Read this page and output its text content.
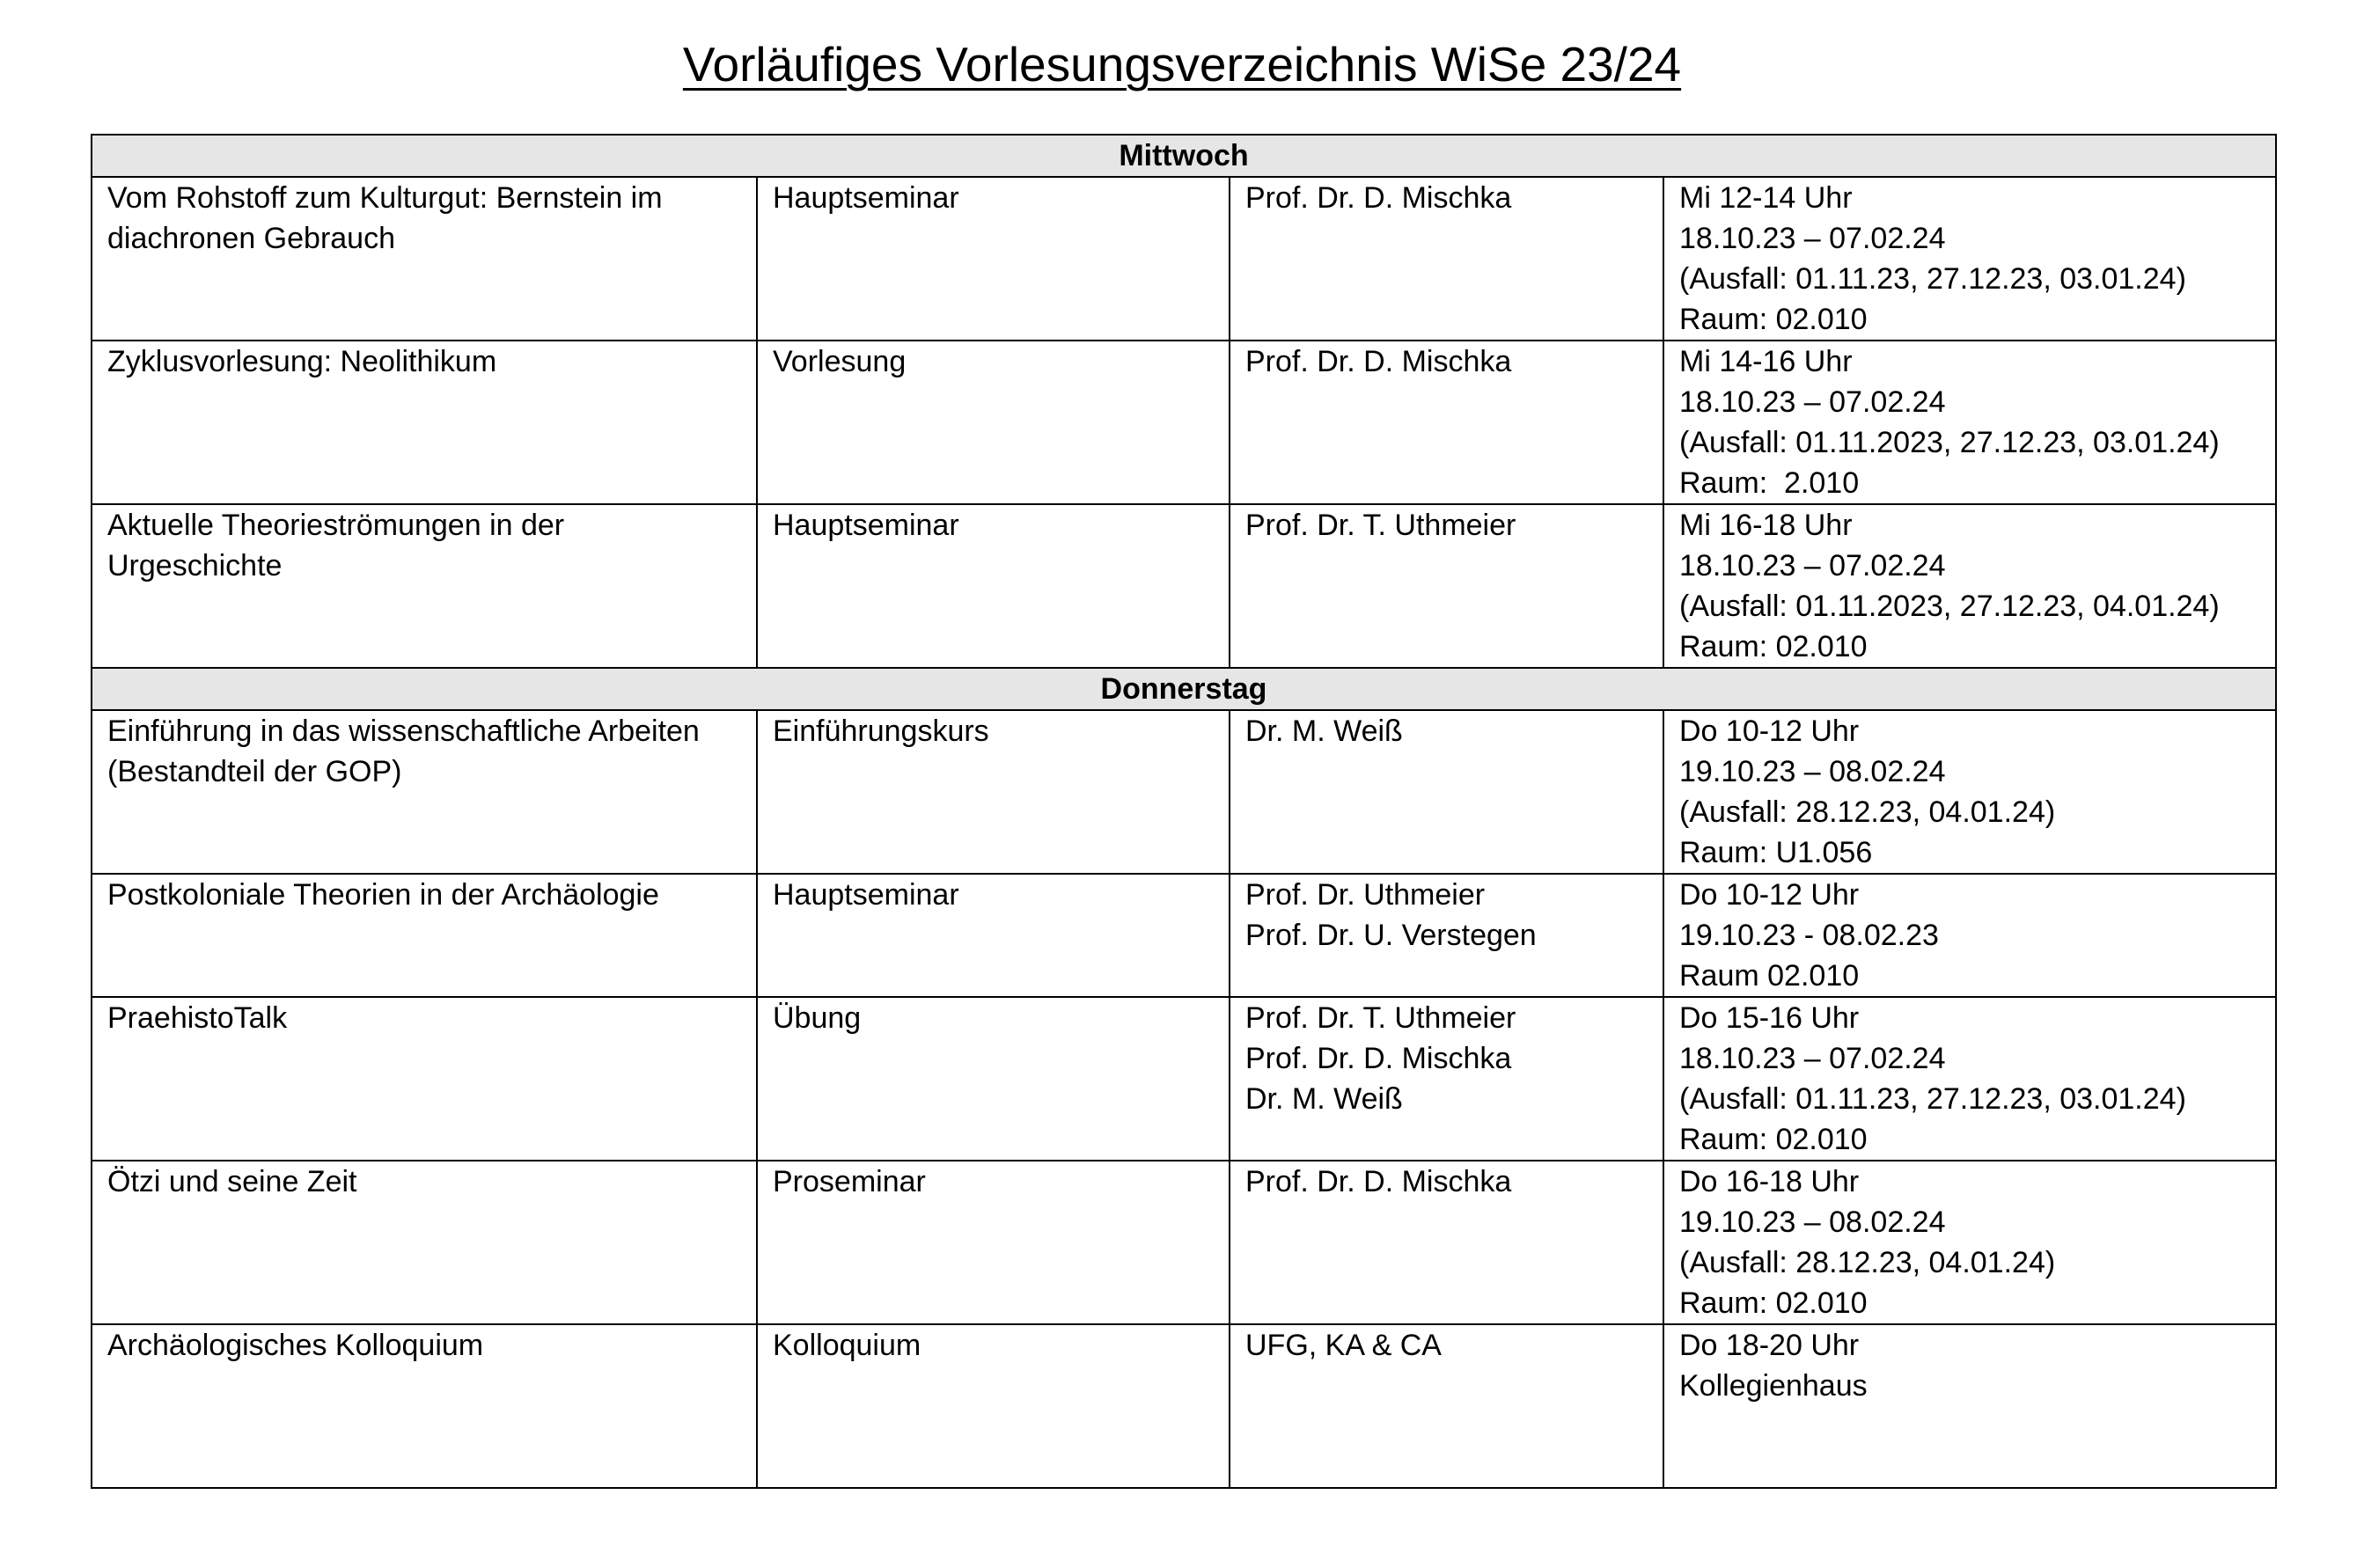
Vorläufiges Vorlesungsverzeichnis WiSe 23/24
Mittwoch			

Vom Rohstoff zum Kulturgut: Bernstein im diachronen Gebrauch	Hauptseminar	Prof. Dr. D. Mischka	Mi 12-14 Uhr
18.10.23 – 07.02.24
(Ausfall: 01.11.23, 27.12.23, 03.01.24)
Raum: 02.010

Zyklusvorlesung: Neolithikum	Vorlesung	Prof. Dr. D. Mischka	Mi 14-16 Uhr
18.10.23 – 07.02.24
(Ausfall: 01.11.2023, 27.12.23, 03.01.24)
Raum:  2.010

Aktuelle Theorieströmungen in der Urgeschichte	Hauptseminar	Prof. Dr. T. Uthmeier	Mi 16-18 Uhr
18.10.23 – 07.02.24
(Ausfall: 01.11.2023, 27.12.23, 04.01.24)
Raum: 02.010

Donnerstag			

Einführung in das wissenschaftliche Arbeiten (Bestandteil der GOP)	Einführungskurs	Dr. M. Weiß	Do 10-12 Uhr
19.10.23 – 08.02.24
(Ausfall: 28.12.23, 04.01.24)
Raum: U1.056

Postkoloniale Theorien in der Archäologie	Hauptseminar	Prof. Dr. Uthmeier
Prof. Dr. U. Verstegen	Do 10-12 Uhr
19.10.23 - 08.02.23
Raum 02.010

PraehistoTalk	Übung	Prof. Dr. T. Uthmeier
Prof. Dr. D. Mischka
Dr. M. Weiß	Do 15-16 Uhr
18.10.23 – 07.02.24
(Ausfall: 01.11.23, 27.12.23, 03.01.24)
Raum: 02.010

Ötzi und seine Zeit	Proseminar	Prof. Dr. D. Mischka	Do 16-18 Uhr
19.10.23 – 08.02.24
(Ausfall: 28.12.23, 04.01.24)
Raum: 02.010

Archäologisches Kolloquium	Kolloquium	UFG, KA & CA	Do 18-20 Uhr
Kollegienhaus
